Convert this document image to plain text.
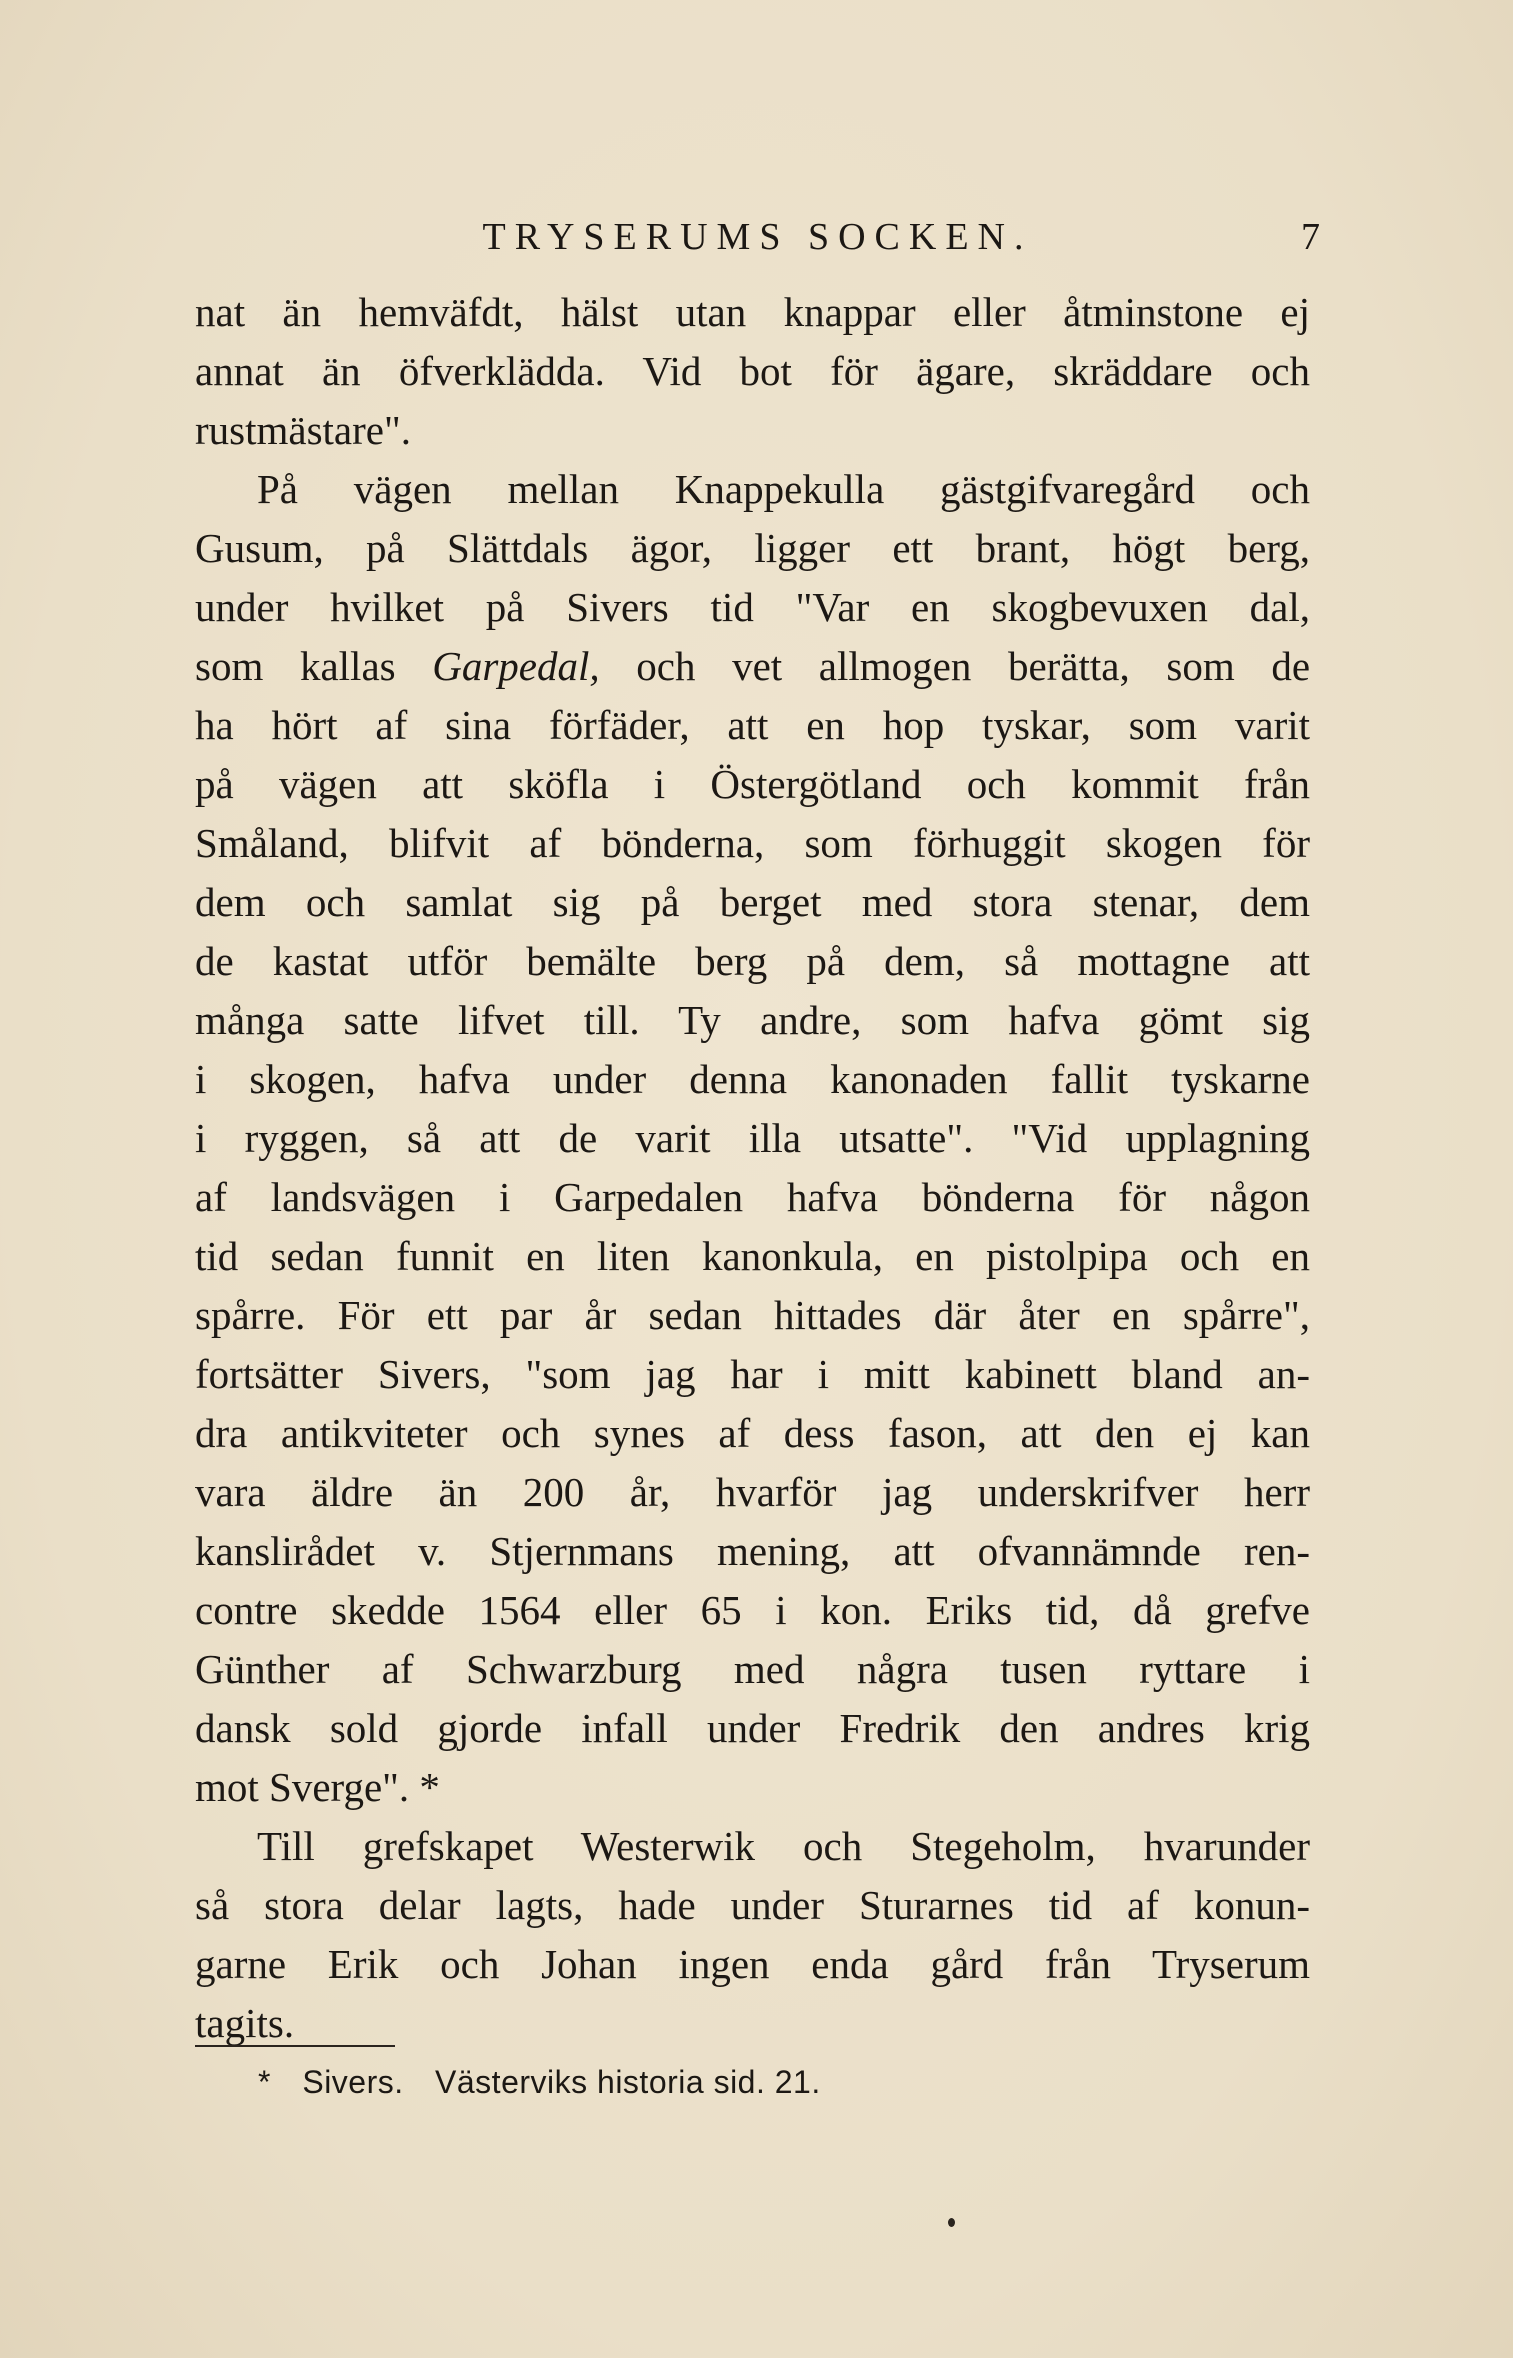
TRYSERUMS SOCKEN.	7
nat än hemväfdt, hälst utan knappar eller åtminstone ej
annat än öfverklädda. Vid bot för ägare, skräddare och
rustmästare".
På vägen mellan Knappekulla gästgifvaregård och
Gusum, på Slättdals ägor, ligger ett brant, högt berg,
under hvilket på Sivers tid "Var en skogbevuxen dal,
som kallas Garpedal, och vet allmogen berätta, som de
ha hört af sina förfäder, att en hop tyskar, som varit
på vägen att sköfla i Östergötland och kommit från
Småland, blifvit af bönderna, som förhuggit skogen för
dem och samlat sig på berget med stora stenar, dem
de kastat utför bemälte berg på dem, så mottagne att
många satte lifvet till. Ty andre, som hafva gömt sig
i skogen, hafva under denna kanonaden fallit tyskarne
i ryggen, så att de varit illa utsatte". "Vid upplagning
af landsvägen i Garpedalen hafva bönderna för någon
tid sedan funnit en liten kanonkula, en pistolpipa och en
spårre. För ett par år sedan hittades där åter en spårre",
fortsätter Sivers, "som jag har i mitt kabinett bland an-
dra antikviteter och synes af dess fason, att den ej kan
vara äldre än 200 år, hvarför jag underskrifver herr
kanslirådet v. Stjernmans mening, att ofvannämnde ren-
contre skedde 1564 eller 65 i kon. Eriks tid, då grefve
Günther af Schwarzburg med några tusen ryttare i
dansk sold gjorde infall under Fredrik den andres krig
mot Sverge". *
Till grefskapet Westerwik och Stegeholm, hvarunder
så stora delar lagts, hade under Sturarnes tid af konun-
garne Erik och Johan ingen enda gård från Tryserum
tagits.
* Sivers. Västerviks historia sid. 21.
